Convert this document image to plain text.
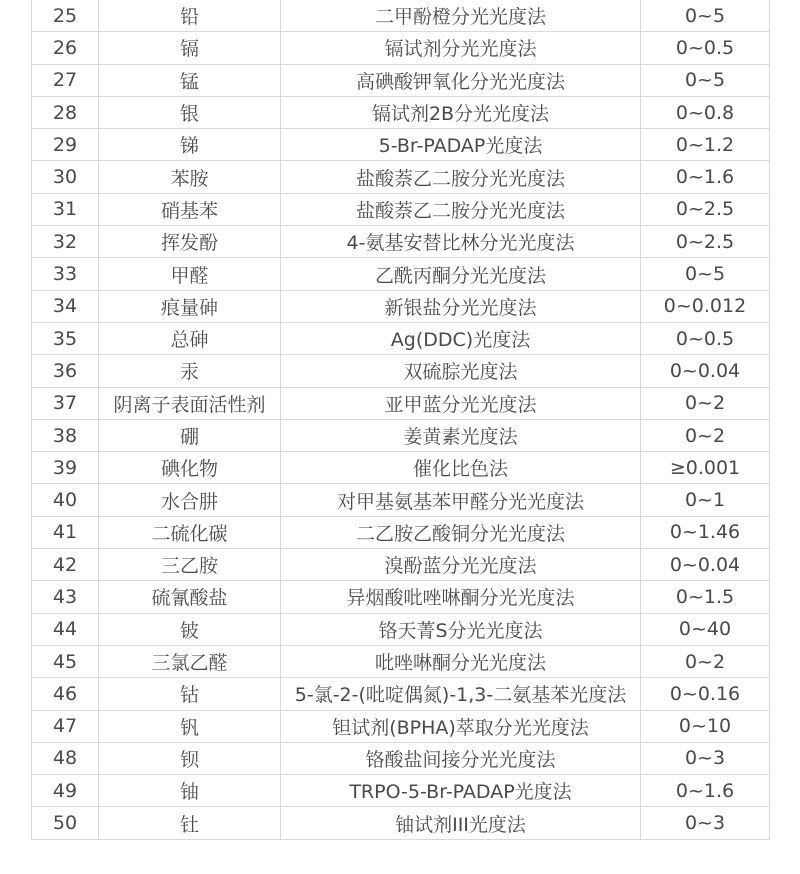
25	铅	二甲酚橙分光光度法	0~5
26	镉	镉试剂分光光度法	0~0.5
27	锰	高碘酸钾氧化分光光度法	0~5
28	银	镉试剂2B分光光度法	0~0.8
29	锑	5-Br-PADAP光度法	0~1.2
30	苯胺	盐酸萘乙二胺分光光度法	0~1.6
31	硝基苯	盐酸萘乙二胺分光光度法	0~2.5
32	挥发酚	4-氨基安替比林分光光度法	0~2.5
33	甲醛	乙酰丙酮分光光度法	0~5
34	痕量砷	新银盐分光光度法	0~0.012
35	总砷	Ag(DDC)光度法	0~0.5
36	汞	双硫腙光度法	0~0.04
37	阴离子表面活性剂	亚甲蓝分光光度法	0~2
38	硼	姜黄素光度法	0~2
39	碘化物	催化比色法	≥0.001
40	水合肼	对甲基氨基苯甲醛分光光度法	0~1
41	二硫化碳	二乙胺乙酸铜分光光度法	0~1.46
42	三乙胺	溴酚蓝分光光度法	0~0.04
43	硫氰酸盐	异烟酸吡唑啉酮分光光度法	0~1.5
44	铍	铬天菁S分光光度法	0~40
45	三氯乙醛	吡唑啉酮分光光度法	0~2
46	钴	5-氯-2-(吡啶偶氮)-1,3-二氨基苯光度法	0~0.16
47	钒	钽试剂(BPHA)萃取分光光度法	0~10
48	钡	铬酸盐间接分光光度法	0~3
49	铀	TRPO-5-Br-PADAP光度法	0~1.6
50	钍	铀试剂III光度法	0~3
